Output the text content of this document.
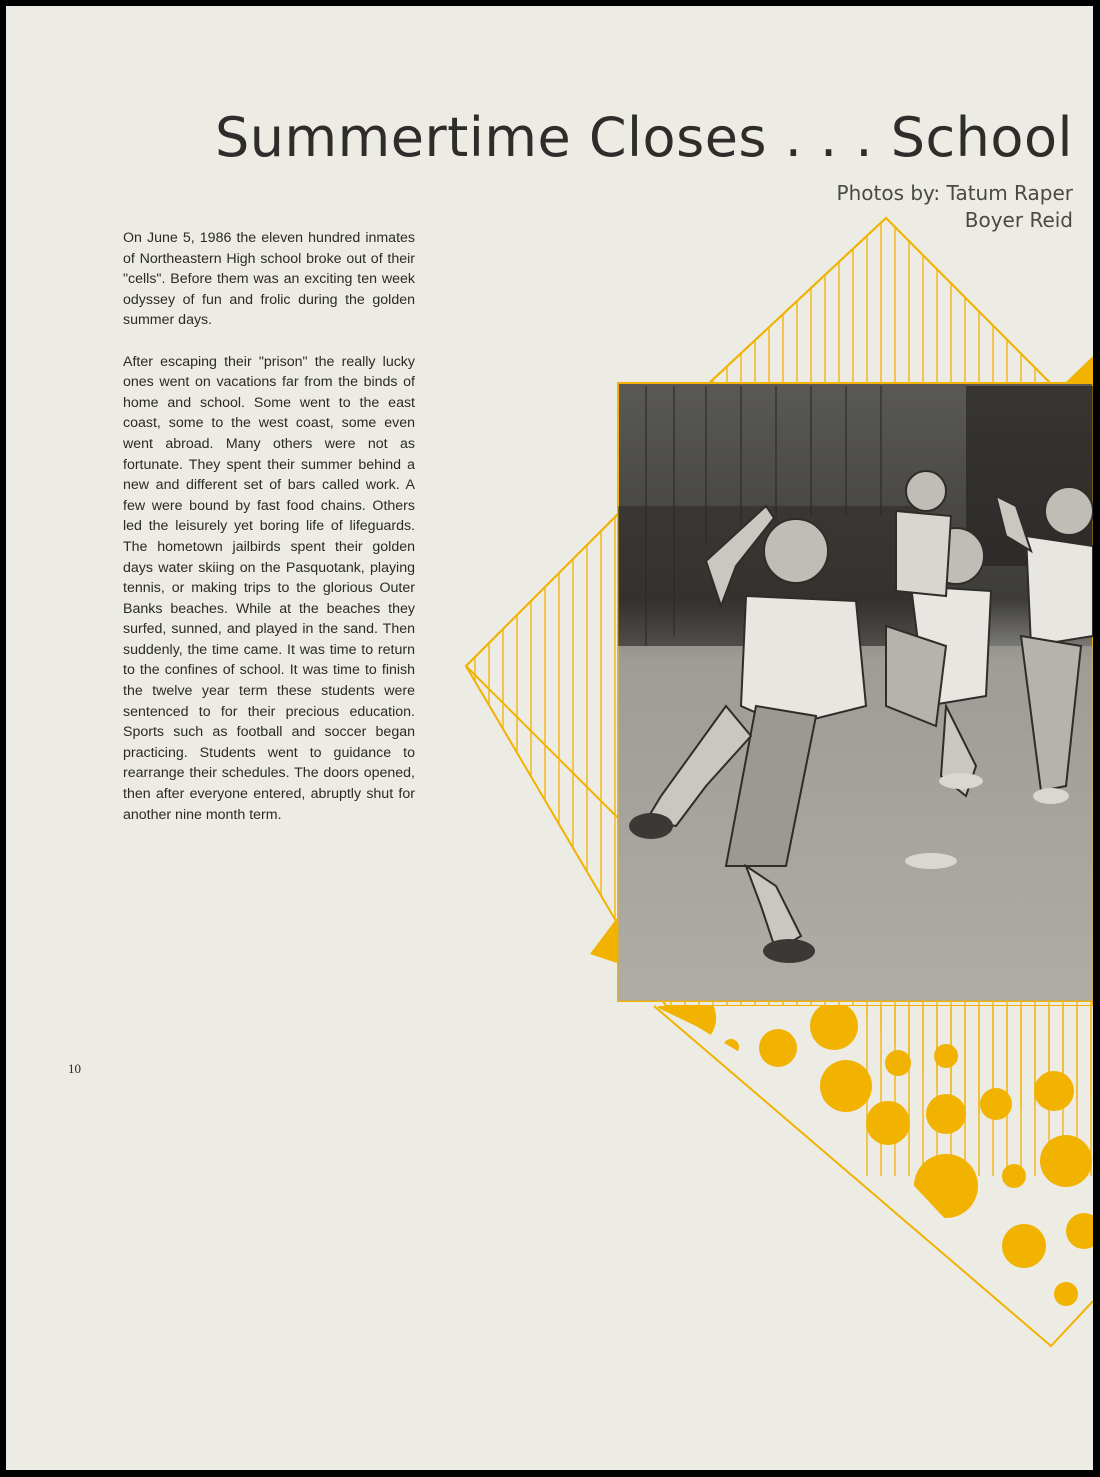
Summertime Closes . . . School
Photos by: Tatum Raper
Boyer Reid

On June 5, 1986 the eleven hundred inmates of Northeastern High school broke out of their "cells". Before them was an exciting ten week odyssey of fun and frolic during the golden summer days.

After escaping their "prison" the really lucky ones went on vacations far from the binds of home and school. Some went to the east coast, some to the west coast, some even went abroad. Many others were not as fortunate. They spent their summer behind a new and different set of bars called work. A few were bound by fast food chains. Others led the leisurely yet boring life of lifeguards. The hometown jailbirds spent their golden days water skiing on the Pasquotank, playing tennis, or making trips to the glorious Outer Banks beaches. While at the beaches they surfed, sunned, and played in the sand. Then suddenly, the time came. It was time to return to the confines of school. It was time to finish the twelve year term these students were sentenced to for their precious education. Sports such as football and soccer began practicing. Students went to guidance to rearrange their schedules. The doors opened, then after everyone entered, abruptly shut for another nine month term.

10
